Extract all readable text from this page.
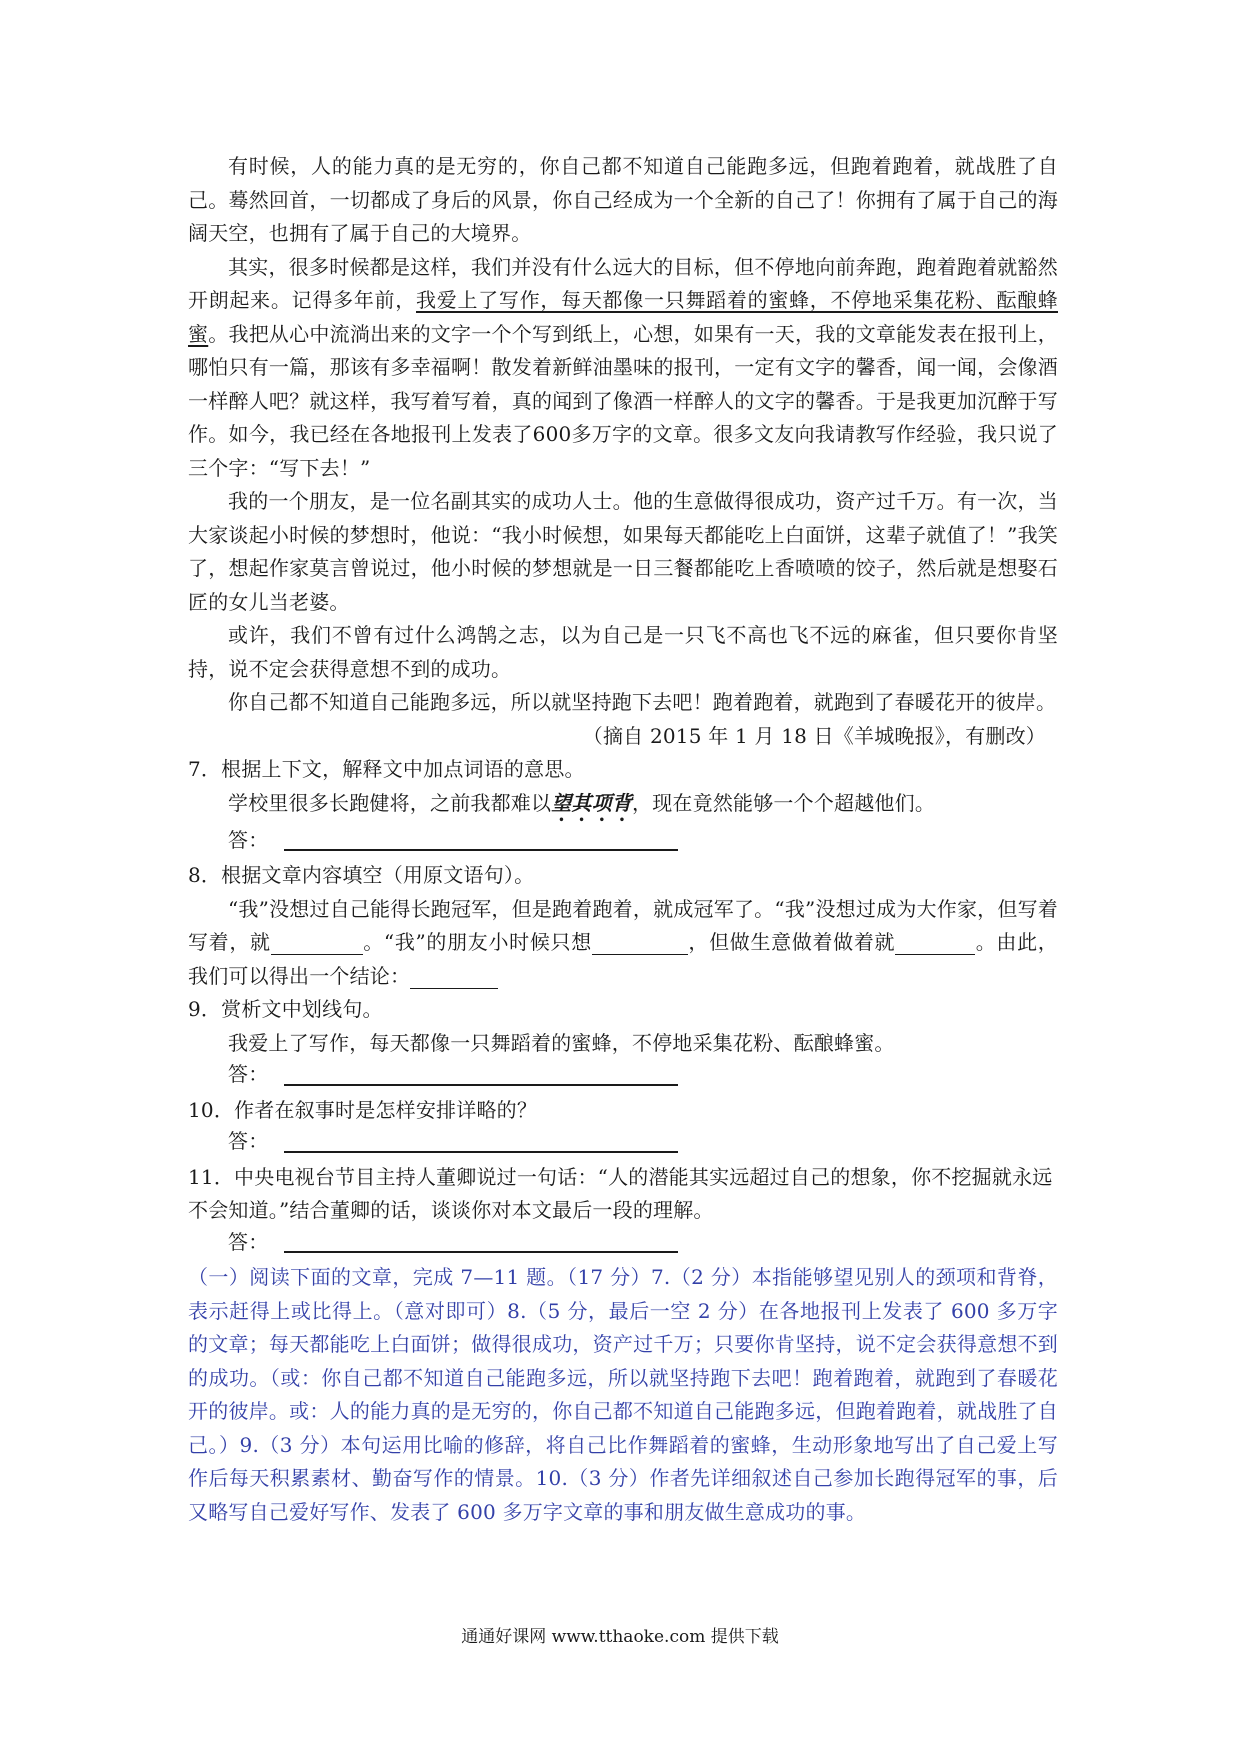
有时候，人的能力真的是无穷的，你自己都不知道自己能跑多远，但跑着跑着，就战胜了自己。蓦然回首，一切都成了身后的风景，你自己经成为一个全新的自己了！你拥有了属于自己的海阔天空，也拥有了属于自己的大境界。

其实，很多时候都是这样，我们并没有什么远大的目标，但不停地向前奔跑，跑着跑着就豁然开朗起来。记得多年前，我爱上了写作，每天都像一只舞蹈着的蜜蜂，不停地采集花粉、酝酿蜂蜜。我把从心中流淌出来的文字一个个写到纸上，心想，如果有一天，我的文章能发表在报刊上，哪怕只有一篇，那该有多幸福啊！散发着新鲜油墨味的报刊，一定有文字的馨香，闻一闻，会像酒一样醉人吧？就这样，我写着写着，真的闻到了像酒一样醉人的文字的馨香。于是我更加沉醉于写作。如今，我已经在各地报刊上发表了600多万字的文章。很多文友向我请教写作经验，我只说了三个字：“写下去！”

我的一个朋友，是一位名副其实的成功人士。他的生意做得很成功，资产过千万。有一次，当大家谈起小时候的梦想时，他说：“我小时候想，如果每天都能吃上白面饼，这辈子就值了！”我笑了，想起作家莫言曾说过，他小时候的梦想就是一日三餐都能吃上香喷喷的饺子，然后就是想娶石匠的女儿当老婆。

或许，我们不曾有过什么鸿鹄之志，以为自己是一只飞不高也飞不远的麻雀，但只要你肯坚持，说不定会获得意想不到的成功。

你自己都不知道自己能跑多远，所以就坚持跑下去吧！跑着跑着，就跑到了春暖花开的彼岸。

（摘自 2015 年 1 月 18 日《羊城晚报》，有删改）

7．根据上下文，解释文中加点词语的意思。

学校里很多长跑健将，之前我都难以望其项背，现在竟然能够一个个超越他们。

答：

8．根据文章内容填空（用原文语句）。

“我”没想过自己能得长跑冠军，但是跑着跑着，就成冠军了。“我”没想过成为大作家，但写着写着，就	。“我”的朋友小时候只想	，但做生意做着做着就	。由此，我们可以得出一个结论：

9．赏析文中划线句。

我爱上了写作，每天都像一只舞蹈着的蜜蜂，不停地采集花粉、酝酿蜂蜜。

答：

10．作者在叙事时是怎样安排详略的？

答：

11．中央电视台节目主持人董卿说过一句话：“人的潜能其实远超过自己的想象，你不挖掘就永远不会知道。”结合董卿的话，谈谈你对本文最后一段的理解。

答：

（一）阅读下面的文章，完成 7—11 题。（17 分）7.（2 分）本指能够望见别人的颈项和背脊，表示赶得上或比得上。（意对即可）8.（5 分，最后一空 2 分）在各地报刊上发表了 600 多万字的文章；每天都能吃上白面饼；做得很成功，资产过千万；只要你肯坚持，说不定会获得意想不到的成功。（或：你自己都不知道自己能跑多远，所以就坚持跑下去吧！跑着跑着，就跑到了春暖花开的彼岸。或：人的能力真的是无穷的，你自己都不知道自己能跑多远，但跑着跑着，就战胜了自己。）9.（3 分）本句运用比喻的修辞，将自己比作舞蹈着的蜜蜂，生动形象地写出了自己爱上写作后每天积累素材、勤奋写作的情景。10.（3 分）作者先详细叙述自己参加长跑得冠军的事，后又略写自己爱好写作、发表了 600 多万字文章的事和朋友做生意成功的事。

通通好课网 www.tthaoke.com 提供下载
